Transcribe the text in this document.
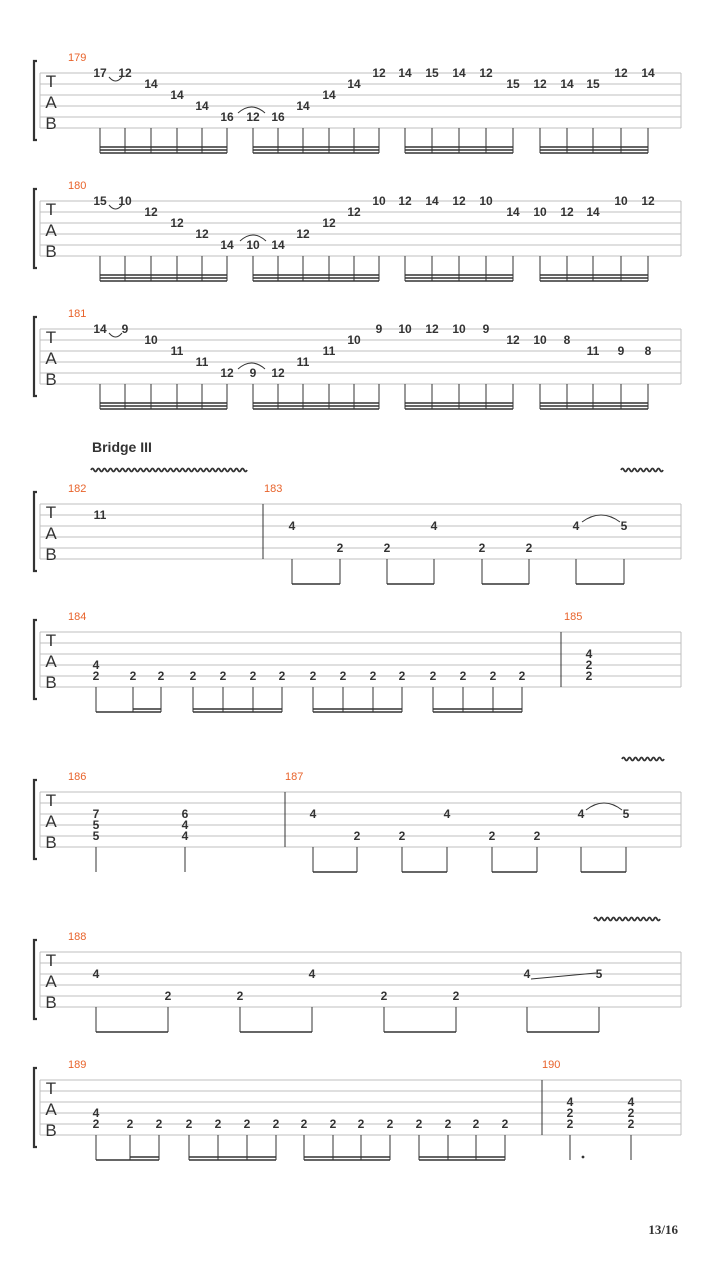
T
A
B
179
17 12
14
14
14
16 12 16
14
14
14
12 14 15 14 12
15 12 14 15
12 14
T
A
B
180
15 10
12
12
12
14 10 14
12
12
12
10 12 14 12 10
14 10 12 14
10 12
T
A
B
181
14 9
10
11
11
12 9 12
11
11
10
9 10 12 10 9
12 10 8
11 9 8
T
A
B
Bridge III
182
11
183
4
2	2
4
2	2
4	5
T
A
B
184
4
2	2 2 2 2 2 2 2 2 2 2 2 2 2 2
185
4
2
2
T
A
B
186
7
5
5
6
4
4
187
4
2	2
4
2	2
4	5
T
A
B
188
4
2	2
4
2	2
4	5
T
A
B
189
4
2 2 2 2 2 2 2 2 2 2 2 2 2 2 2
190
4
2
2
4
2
2
13/16
